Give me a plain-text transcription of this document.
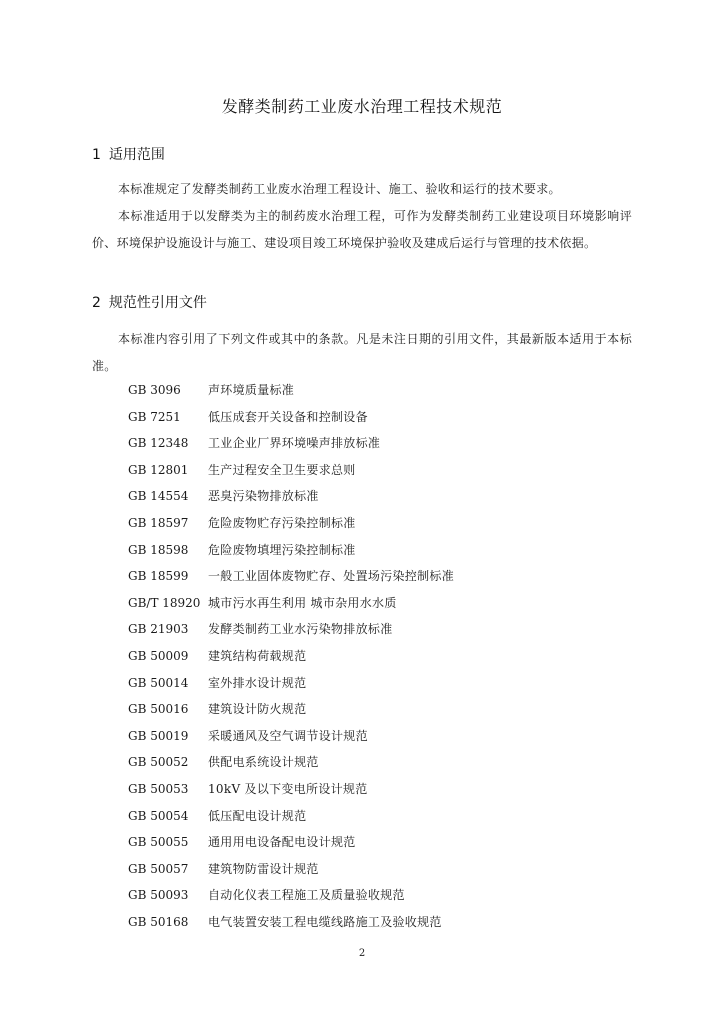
发酵类制药工业废水治理工程技术规范
1 适用范围

本标准规定了发酵类制药工业废水治理工程设计、施工、验收和运行的技术要求。

本标准适用于以发酵类为主的制药废水治理工程，可作为发酵类制药工业建设项目环境影响评价、环境保护设施设计与施工、建设项目竣工环境保护验收及建成后运行与管理的技术依据。

2 规范性引用文件

本标准内容引用了下列文件或其中的条款。凡是未注日期的引用文件，其最新版本适用于本标准。

GB 3096 声环境质量标准
GB 7251 低压成套开关设备和控制设备
GB 12348 工业企业厂界环境噪声排放标准
GB 12801 生产过程安全卫生要求总则
GB 14554 恶臭污染物排放标准
GB 18597 危险废物贮存污染控制标准
GB 18598 危险废物填埋污染控制标准
GB 18599 一般工业固体废物贮存、处置场污染控制标准
GB/T 18920 城市污水再生利用 城市杂用水水质
GB 21903 发酵类制药工业水污染物排放标准
GB 50009 建筑结构荷载规范
GB 50014 室外排水设计规范
GB 50016 建筑设计防火规范
GB 50019 采暖通风及空气调节设计规范
GB 50052 供配电系统设计规范
GB 50053 10kV 及以下变电所设计规范
GB 50054 低压配电设计规范
GB 50055 通用用电设备配电设计规范
GB 50057 建筑物防雷设计规范
GB 50093 自动化仪表工程施工及质量验收规范
GB 50168 电气装置安装工程电缆线路施工及验收规范
2
